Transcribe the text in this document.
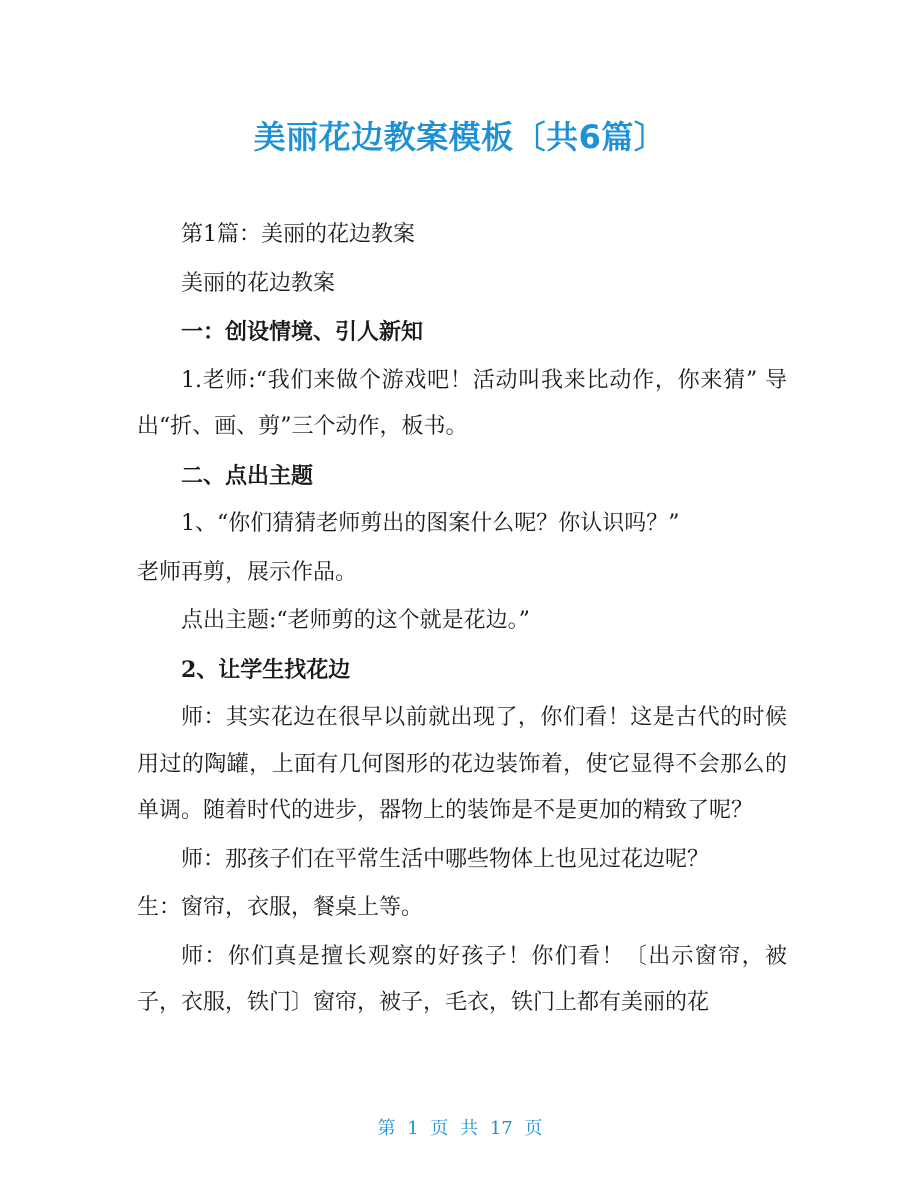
美丽花边教案模板〔共6篇〕

第1篇：美丽的花边教案

美丽的花边教案

一：创设情境、引人新知

1.老师:“我们来做个游戏吧！活动叫我来比动作，你来猜” 导出“折、画、剪”三个动作，板书。

二、点出主题

1、“你们猜猜老师剪出的图案什么呢？你认识吗？”

老师再剪，展示作品。

点出主题:“老师剪的这个就是花边。”

2、让学生找花边

师：其实花边在很早以前就出现了，你们看！这是古代的时候用过的陶罐，上面有几何图形的花边装饰着，使它显得不会那么的单调。随着时代的进步，器物上的装饰是不是更加的精致了呢？

师：那孩子们在平常生活中哪些物体上也见过花边呢？

生：窗帘，衣服，餐桌上等。

师：你们真是擅长观察的好孩子！你们看！〔出示窗帘，被子，衣服，铁门〕窗帘，被子，毛衣，铁门上都有美丽的花

第 1 页 共 17 页
